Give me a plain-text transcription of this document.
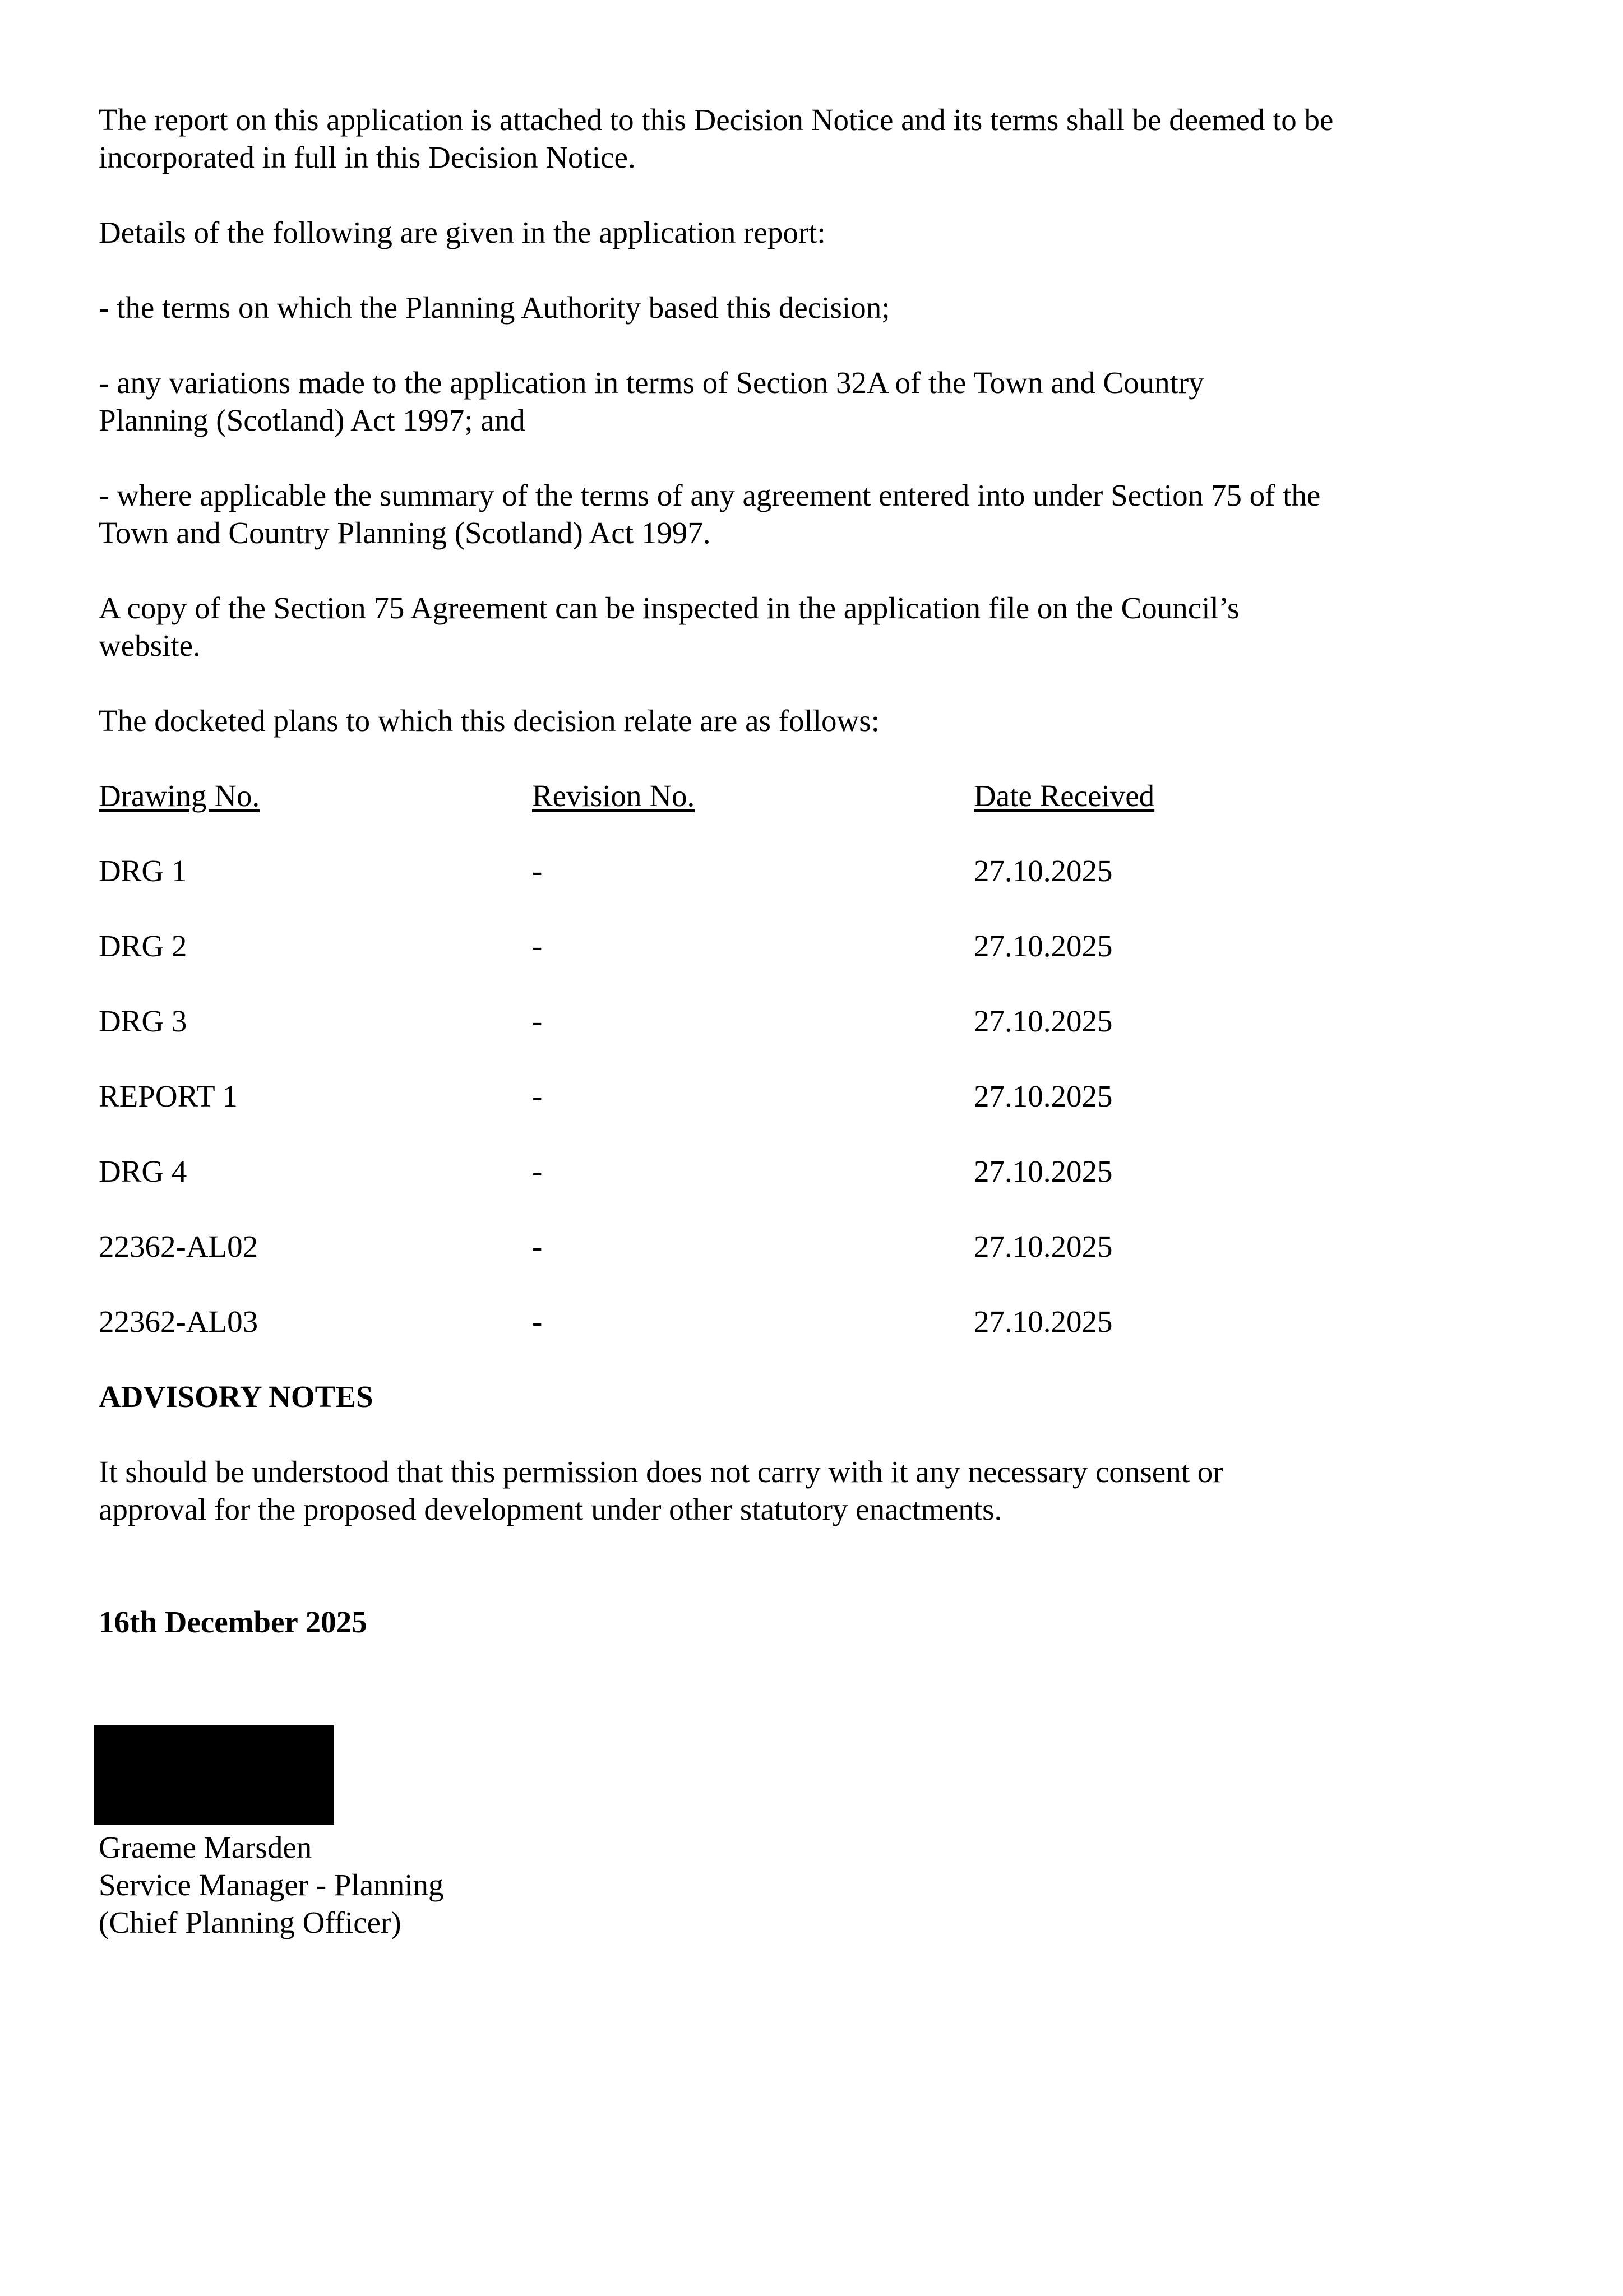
The report on this application is attached to this Decision Notice and its terms shall be deemed to be incorporated in full in this Decision Notice.

Details of the following are given in the application report:

- the terms on which the Planning Authority based this decision;

- any variations made to the application in terms of Section 32A of the Town and Country Planning (Scotland) Act 1997; and

- where applicable the summary of the terms of any agreement entered into under Section 75 of the Town and Country Planning (Scotland) Act 1997.

A copy of the Section 75 Agreement can be inspected in the application file on the Council’s website.

The docketed plans to which this decision relate are as follows:

Drawing No.	Revision No.	Date Received
DRG 1	-	27.10.2025
DRG 2	-	27.10.2025
DRG 3	-	27.10.2025
REPORT 1	-	27.10.2025
DRG 4	-	27.10.2025
22362-AL02	-	27.10.2025
22362-AL03	-	27.10.2025
ADVISORY NOTES

It should be understood that this permission does not carry with it any necessary consent or approval for the proposed development under other statutory enactments.

16th December 2025
Graeme Marsden
Service Manager - Planning
(Chief Planning Officer)
